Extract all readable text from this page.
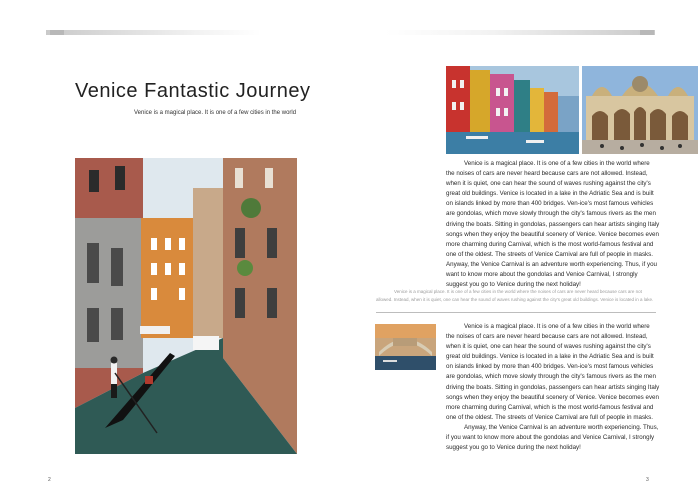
Venice Fantastic Journey
Venice is a magical place. It is one of a few cities in the world
2

Venice is a magical place. It is one of a few cities in the world where the noises of cars are never heard because cars are not allowed. Instead, when it is quiet, one can hear the sound of waves rushing against the city's great old buildings. Venice is located in a lake in the Adriatic Sea and is built on islands linked by more than 400 bridges. Ven-ice's most famous vehicles are gondolas, which move slowly through the city's famous rivers as the men driving the boats. Sitting in gondolas, passengers can hear artists singing Italy songs when they enjoy the beautiful scenery of Venice. Venice becomes even more charming during Carnival, which is the most world-famous festival and one of the oldest. The streets of Venice Carnival are full of people in masks. Anyway, the Venice Carnival is an adventure worth experiencing. Thus, if you want to know more about the gondolas and Venice Carnival, I strongly suggest you go to Venice during the next holiday!

Venice is a magical place. It is one of a few cities in the world where the noises of cars are never heard because cars are not allowed. Instead, when it is quiet, one can hear the sound of waves rushing against the city's great old buildings. Venice is located in a lake.

Venice is a magical place. It is one of a few cities in the world where the noises of cars are never heard because cars are not allowed. Instead, when it is quiet, one can hear the sound of waves rushing against the city's great old buildings. Venice is located in a lake in the Adriatic Sea and is built on islands linked by more than 400 bridges. Ven-ice's most famous vehicles are gondolas, which move slowly through the city's famous rivers as the men driving the boats. Sitting in gondolas, passengers can hear artists singing Italy songs when they enjoy the beautiful scenery of Venice. Venice becomes even more charming during Carnival, which is the most world-famous festival and one of the oldest. The streets of Venice Carnival are full of people in masks.

Anyway, the Venice Carnival is an adventure worth experiencing. Thus, if you want to know more about the gondolas and Venice Carnival, I strongly suggest you go to Venice during the next holiday!

3
